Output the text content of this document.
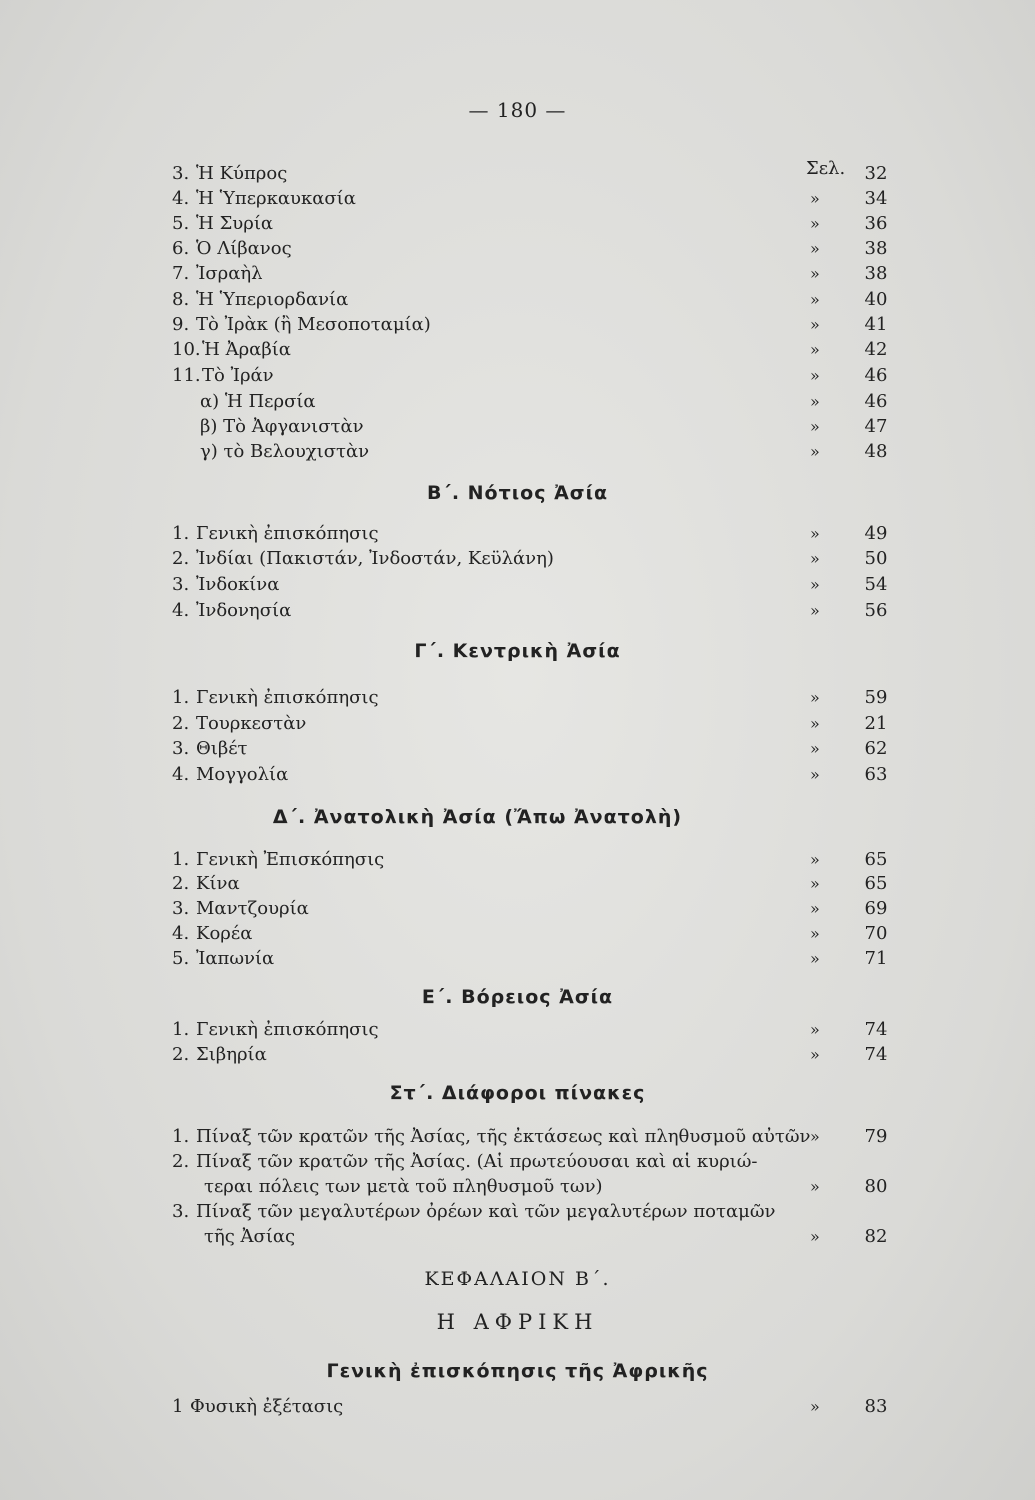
— 180 —
Σελ.
3. Ἡ Κύπρος	32
4. Ἡ Ὑπερκαυκασία	» 34
5. Ἡ Συρία	» 36
6. Ὁ Λίβανος	» 38
7. Ἰσραὴλ	» 38
8. Ἡ Ὑπεριορδανία	» 40
9. Τὸ Ἰρὰκ (ἢ Μεσοποταμία)	» 41
10. Ἡ Ἀραβία	» 42
11. Τὸ Ἰράν	» 46
α) Ἡ Περσία	» 46
β) Τὸ Ἀφγανιστὰν	» 47
γ) τὸ Βελουχιστὰν	» 48
Β΄. Νότιος Ἀσία
1. Γενικὴ ἐπισκόπησις	» 49
2. Ἰνδίαι (Πακιστάν, Ἰνδοστάν, Κεϋλάνη)	» 50
3. Ἰνδοκίνα	» 54
4. Ἰνδονησία	» 56
Γ΄. Κεντρικὴ Ἀσία
1. Γενικὴ ἐπισκόπησις	» 59
2. Τουρκεστὰν	» 21
3. Θιβέτ	» 62
4. Μογγολία	» 63
Δ΄. Ἀνατολικὴ Ἀσία (Ἄπω Ἀνατολὴ)
1. Γενικὴ Ἐπισκόπησις	» 65
2. Κίνα	» 65
3. Μαντζουρία	» 69
4. Κορέα	» 70
5. Ἰαπωνία	» 71
Ε΄. Βόρειος Ἀσία
1. Γενικὴ ἐπισκόπησις	» 74
2. Σιβηρία	» 74
Στ΄. Διάφοροι πίνακες
1. Πίναξ τῶν κρατῶν τῆς Ἀσίας, τῆς ἐκτάσεως καὶ πληθυσμοῦ αὐτῶν » 79
2. Πίναξ τῶν κρατῶν τῆς Ἀσίας. (Αἱ πρωτεύουσαι καὶ αἱ κυριώ-
τεραι πόλεις των μετὰ τοῦ πληθυσμοῦ των)	» 80
3. Πίναξ τῶν μεγαλυτέρων ὀρέων καὶ τῶν μεγαλυτέρων ποταμῶν
τῆς Ἀσίας	» 82
ΚΕΦΑΛΑΙΟΝ Β΄.
Η ΑΦΡΙΚΗ
Γενικὴ ἐπισκόπησις τῆς Ἀφρικῆς
1 Φυσικὴ ἐξέτασις	» 83
